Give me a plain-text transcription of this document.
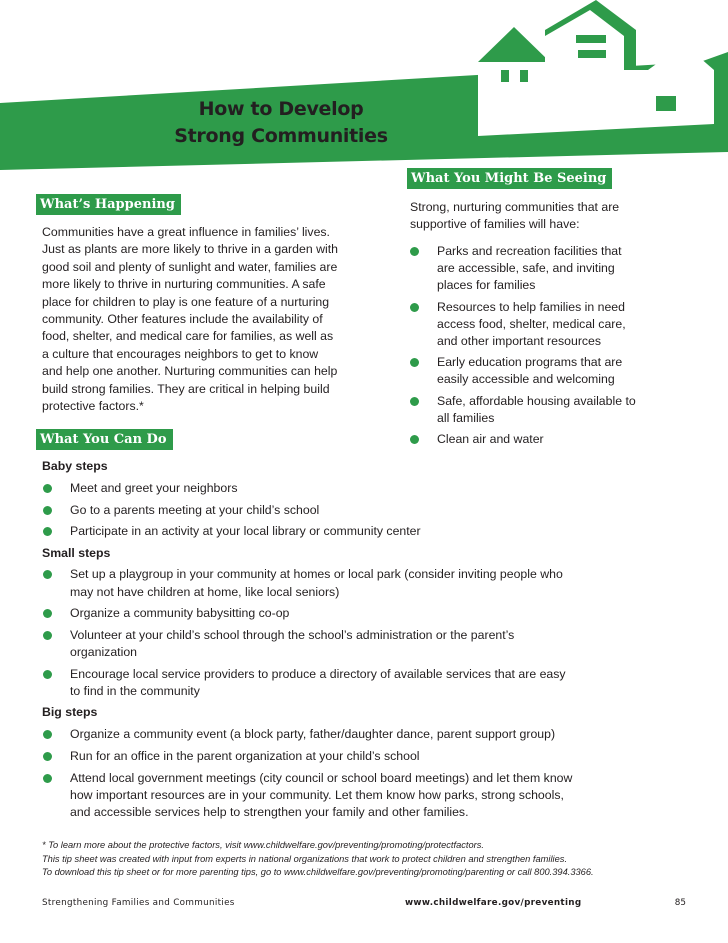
How to Develop
Strong Communities
What You Might Be Seeing
Strong, nurturing communities that are
supportive of families will have:
Parks and recreation facilities that
are accessible, safe, and inviting
places for families
Resources to help families in need
access food, shelter, medical care,
and other important resources
Early education programs that are
easily accessible and welcoming
Safe, affordable housing available to
all families
Clean air and water
What’s Happening
Communities have a great influence in families’ lives.
Just as plants are more likely to thrive in a garden with
good soil and plenty of sunlight and water, families are
more likely to thrive in nurturing communities. A safe
place for children to play is one feature of a nurturing
community. Other features include the availability of
food, shelter, and medical care for families, as well as
a culture that encourages neighbors to get to know
and help one another. Nurturing communities can help
build strong families. They are critical in helping build
protective factors.*
What You Can Do
Baby steps
Meet and greet your neighbors
Go to a parents meeting at your child’s school
Participate in an activity at your local library or community center
Small steps
Set up a playgroup in your community at homes or local park (consider inviting people who
may not have children at home, like local seniors)
Organize a community babysitting co-op
Volunteer at your child’s school through the school’s administration or the parent’s
organization
Encourage local service providers to produce a directory of available services that are easy
to find in the community
Big steps
Organize a community event (a block party, father/daughter dance, parent support group)
Run for an office in the parent organization at your child’s school
Attend local government meetings (city council or school board meetings) and let them know
how important resources are in your community. Let them know how parks, strong schools,
and accessible services help to strengthen your family and other families.
* To learn more about the protective factors, visit www.childwelfare.gov/preventing/promoting/protectfactors.
This tip sheet was created with input from experts in national organizations that work to protect children and strengthen families.
To download this tip sheet or for more parenting tips, go to www.childwelfare.gov/preventing/promoting/parenting or call 800.394.3366.
Strengthening Families and Communities	www.childwelfare.gov/preventing	85
